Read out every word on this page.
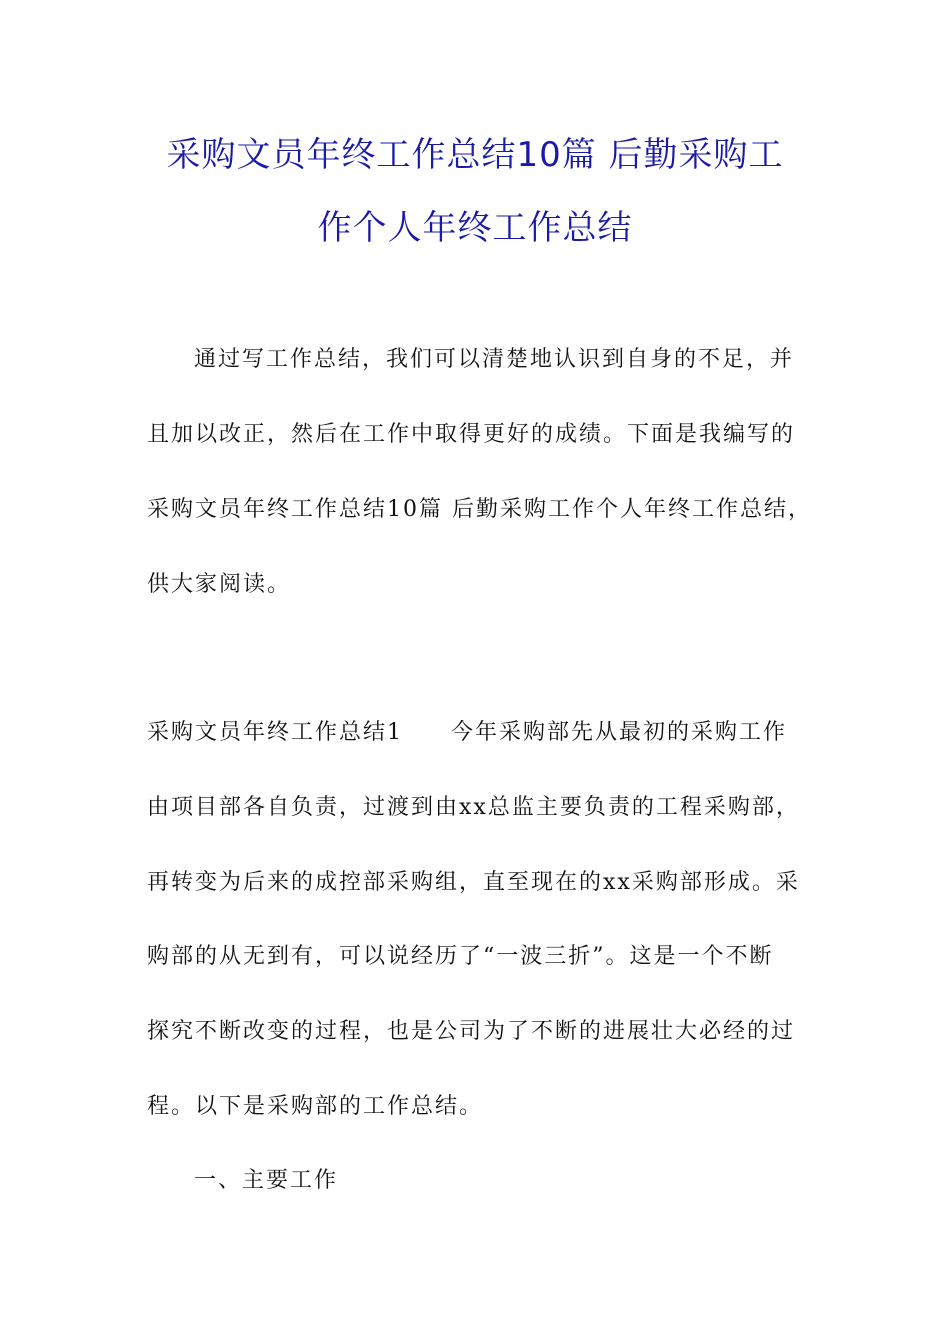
采购文员年终工作总结10篇 后勤采购工
作个人年终工作总结
通过写工作总结，我们可以清楚地认识到自身的不足，并
且加以改正，然后在工作中取得更好的成绩。下面是我编写的
采购文员年终工作总结10篇 后勤采购工作个人年终工作总结，
供大家阅读。
采购文员年终工作总结1　　今年采购部先从最初的采购工作
由项目部各自负责，过渡到由xx总监主要负责的工程采购部，
再转变为后来的成控部采购组，直至现在的xx采购部形成。采
购部的从无到有，可以说经历了“一波三折”。这是一个不断
探究不断改变的过程，也是公司为了不断的进展壮大必经的过
程。以下是采购部的工作总结。
一、主要工作
